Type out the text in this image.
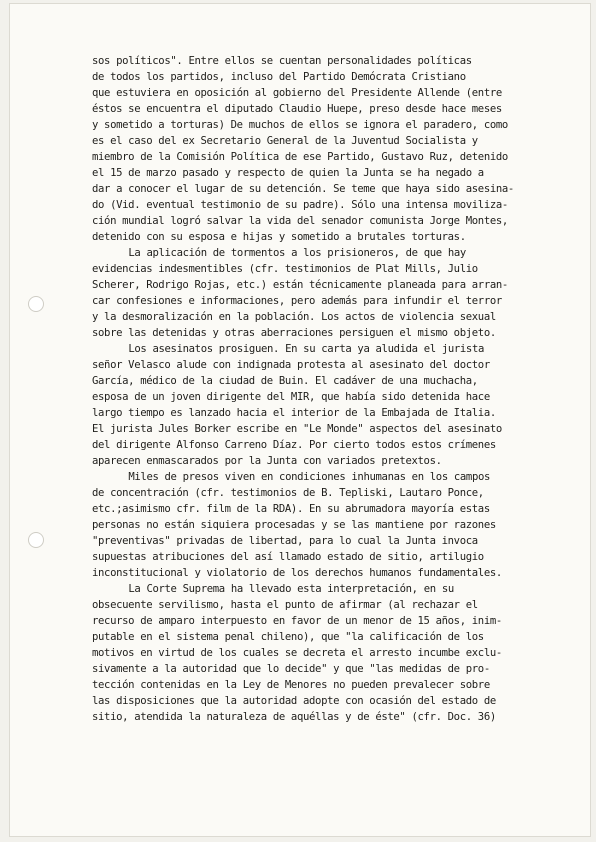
sos políticos". Entre ellos se cuentan personalidades políticas
de todos los partidos, incluso del Partido Demócrata Cristiano
que estuviera en oposición al gobierno del Presidente Allende (entre
éstos se encuentra el diputado Claudio Huepe, preso desde hace meses
y sometido a torturas) De muchos de ellos se ignora el paradero, como
es el caso del ex Secretario General de la Juventud Socialista y
miembro de la Comisión Política de ese Partido, Gustavo Ruz, detenido
el 15 de marzo pasado y respecto de quien la Junta se ha negado a
dar a conocer el lugar de su detención. Se teme que haya sido asesina-
do (Vid. eventual testimonio de su padre). Sólo una intensa moviliza-
ción mundial logró salvar la vida del senador comunista Jorge Montes,
detenido con su esposa e hijas y sometido a brutales torturas.
La aplicación de tormentos a los prisioneros, de que hay
evidencias indesmentibles (cfr. testimonios de Plat Mills, Julio
Scherer, Rodrigo Rojas, etc.) están técnicamente planeada para arran-
car confesiones e informaciones, pero además para infundir el terror
y la desmoralización en la población. Los actos de violencia sexual
sobre las detenidas y otras aberraciones persiguen el mismo objeto.
Los asesinatos prosiguen. En su carta ya aludida el jurista
señor Velasco alude con indignada protesta al asesinato del doctor
García, médico de la ciudad de Buin. El cadáver de una muchacha,
esposa de un joven dirigente del MIR, que había sido detenida hace
largo tiempo es lanzado hacia el interior de la Embajada de Italia.
El jurista Jules Borker escribe en "Le Monde" aspectos del asesinato
del dirigente Alfonso Carreno Díaz. Por cierto todos estos crímenes
aparecen enmascarados por la Junta con variados pretextos.
Miles de presos viven en condiciones inhumanas en los campos
de concentración (cfr. testimonios de B. Tepliski, Lautaro Ponce,
etc.;asimismo cfr. film de la RDA). En su abrumadora mayoría estas
personas no están siquiera procesadas y se las mantiene por razones
"preventivas" privadas de libertad, para lo cual la Junta invoca
supuestas atribuciones del así llamado estado de sitio, artilugio
inconstitucional y violatorio de los derechos humanos fundamentales.
La Corte Suprema ha llevado esta interpretación, en su
obsecuente servilismo, hasta el punto de afirmar (al rechazar el
recurso de amparo interpuesto en favor de un menor de 15 años, inim-
putable en el sistema penal chileno), que "la calificación de los
motivos en virtud de los cuales se decreta el arresto incumbe exclu-
sivamente a la autoridad que lo decide" y que "las medidas de pro-
tección contenidas en la Ley de Menores no pueden prevalecer sobre
las disposiciones que la autoridad adopte con ocasión del estado de
sitio, atendida la naturaleza de aquéllas y de éste" (cfr. Doc. 36)
